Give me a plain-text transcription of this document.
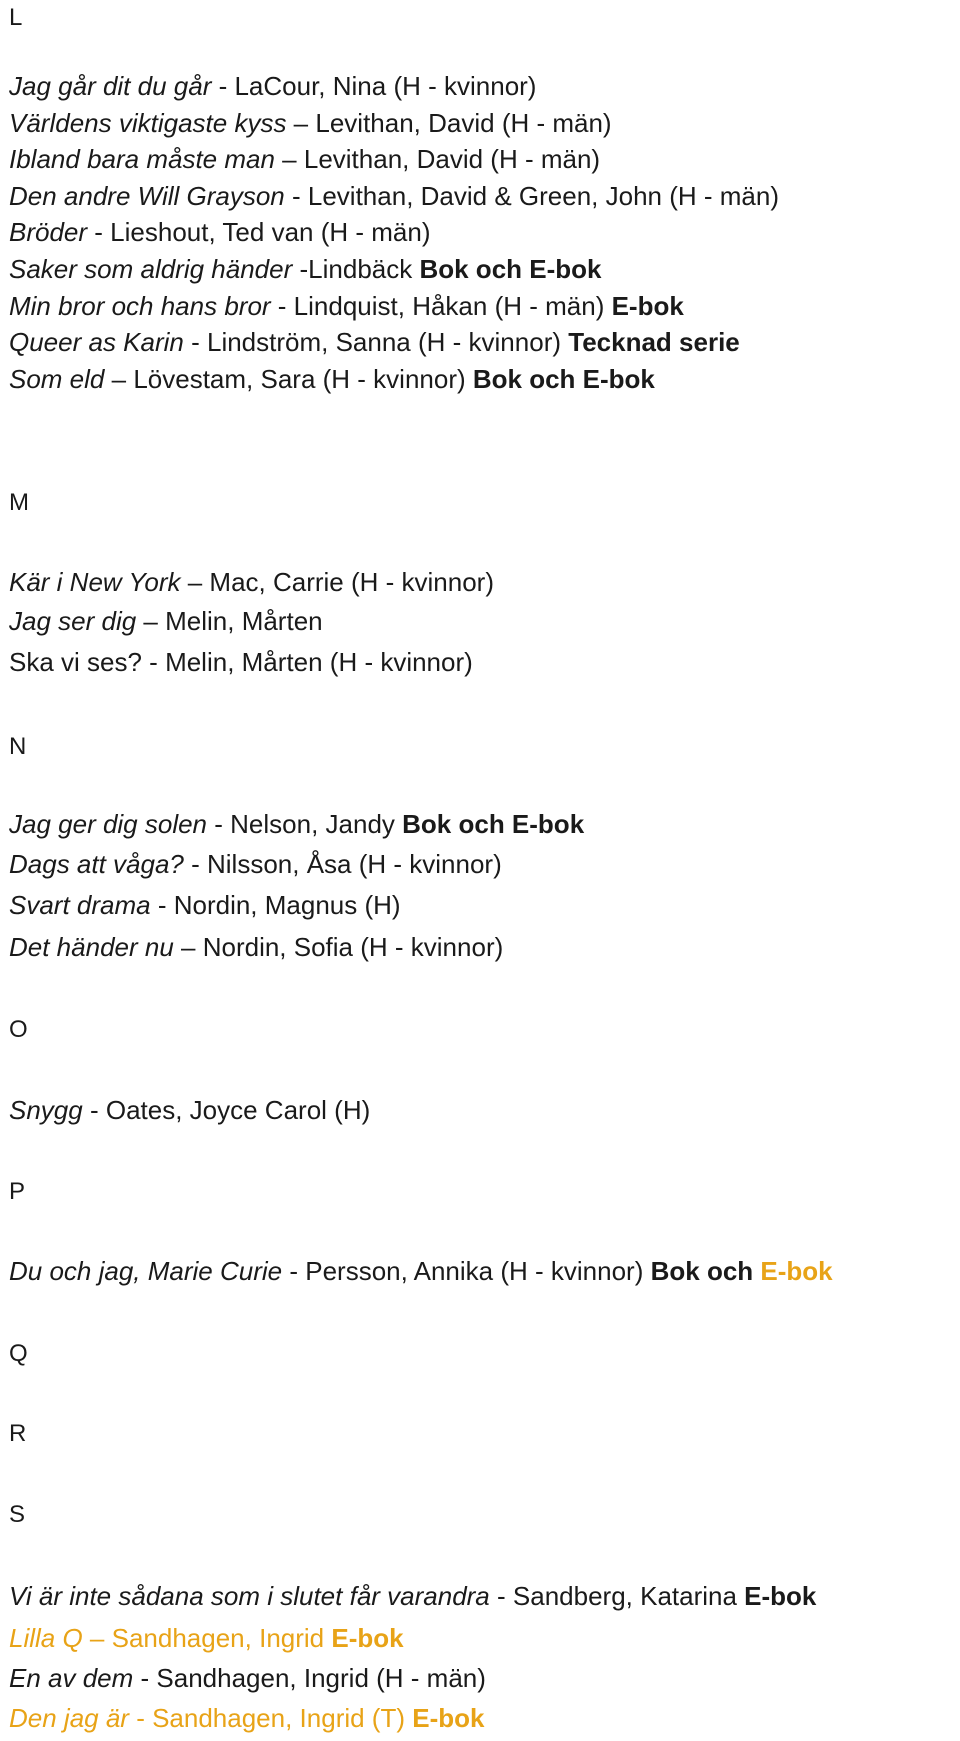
L
Jag går dit du går - LaCour, Nina (H - kvinnor)
Världens viktigaste kyss – Levithan, David (H - män)
Ibland bara måste man – Levithan, David (H - män)
Den andre Will Grayson - Levithan, David & Green, John (H - män)
Bröder - Lieshout, Ted van (H - män)
Saker som aldrig händer -Lindbäck Bok och E-bok
Min bror och hans bror - Lindquist, Håkan (H - män) E-bok
Queer as Karin - Lindström, Sanna (H - kvinnor) Tecknad serie
Som eld – Lövestam, Sara (H - kvinnor) Bok och E-bok
M
Kär i New York – Mac, Carrie (H - kvinnor)
Jag ser dig – Melin, Mårten
Ska vi ses? - Melin, Mårten (H - kvinnor)
N
Jag ger dig solen - Nelson, Jandy Bok och E-bok
Dags att våga? - Nilsson, Åsa (H - kvinnor)
Svart drama - Nordin, Magnus (H)
Det händer nu – Nordin, Sofia (H - kvinnor)
O
Snygg - Oates, Joyce Carol (H)
P
Du och jag, Marie Curie - Persson, Annika (H - kvinnor) Bok och E-bok
Q
R
S
Vi är inte sådana som i slutet får varandra - Sandberg, Katarina E-bok
Lilla Q – Sandhagen, Ingrid E-bok
En av dem - Sandhagen, Ingrid (H - män)
Den jag är - Sandhagen, Ingrid (T) E-bok
